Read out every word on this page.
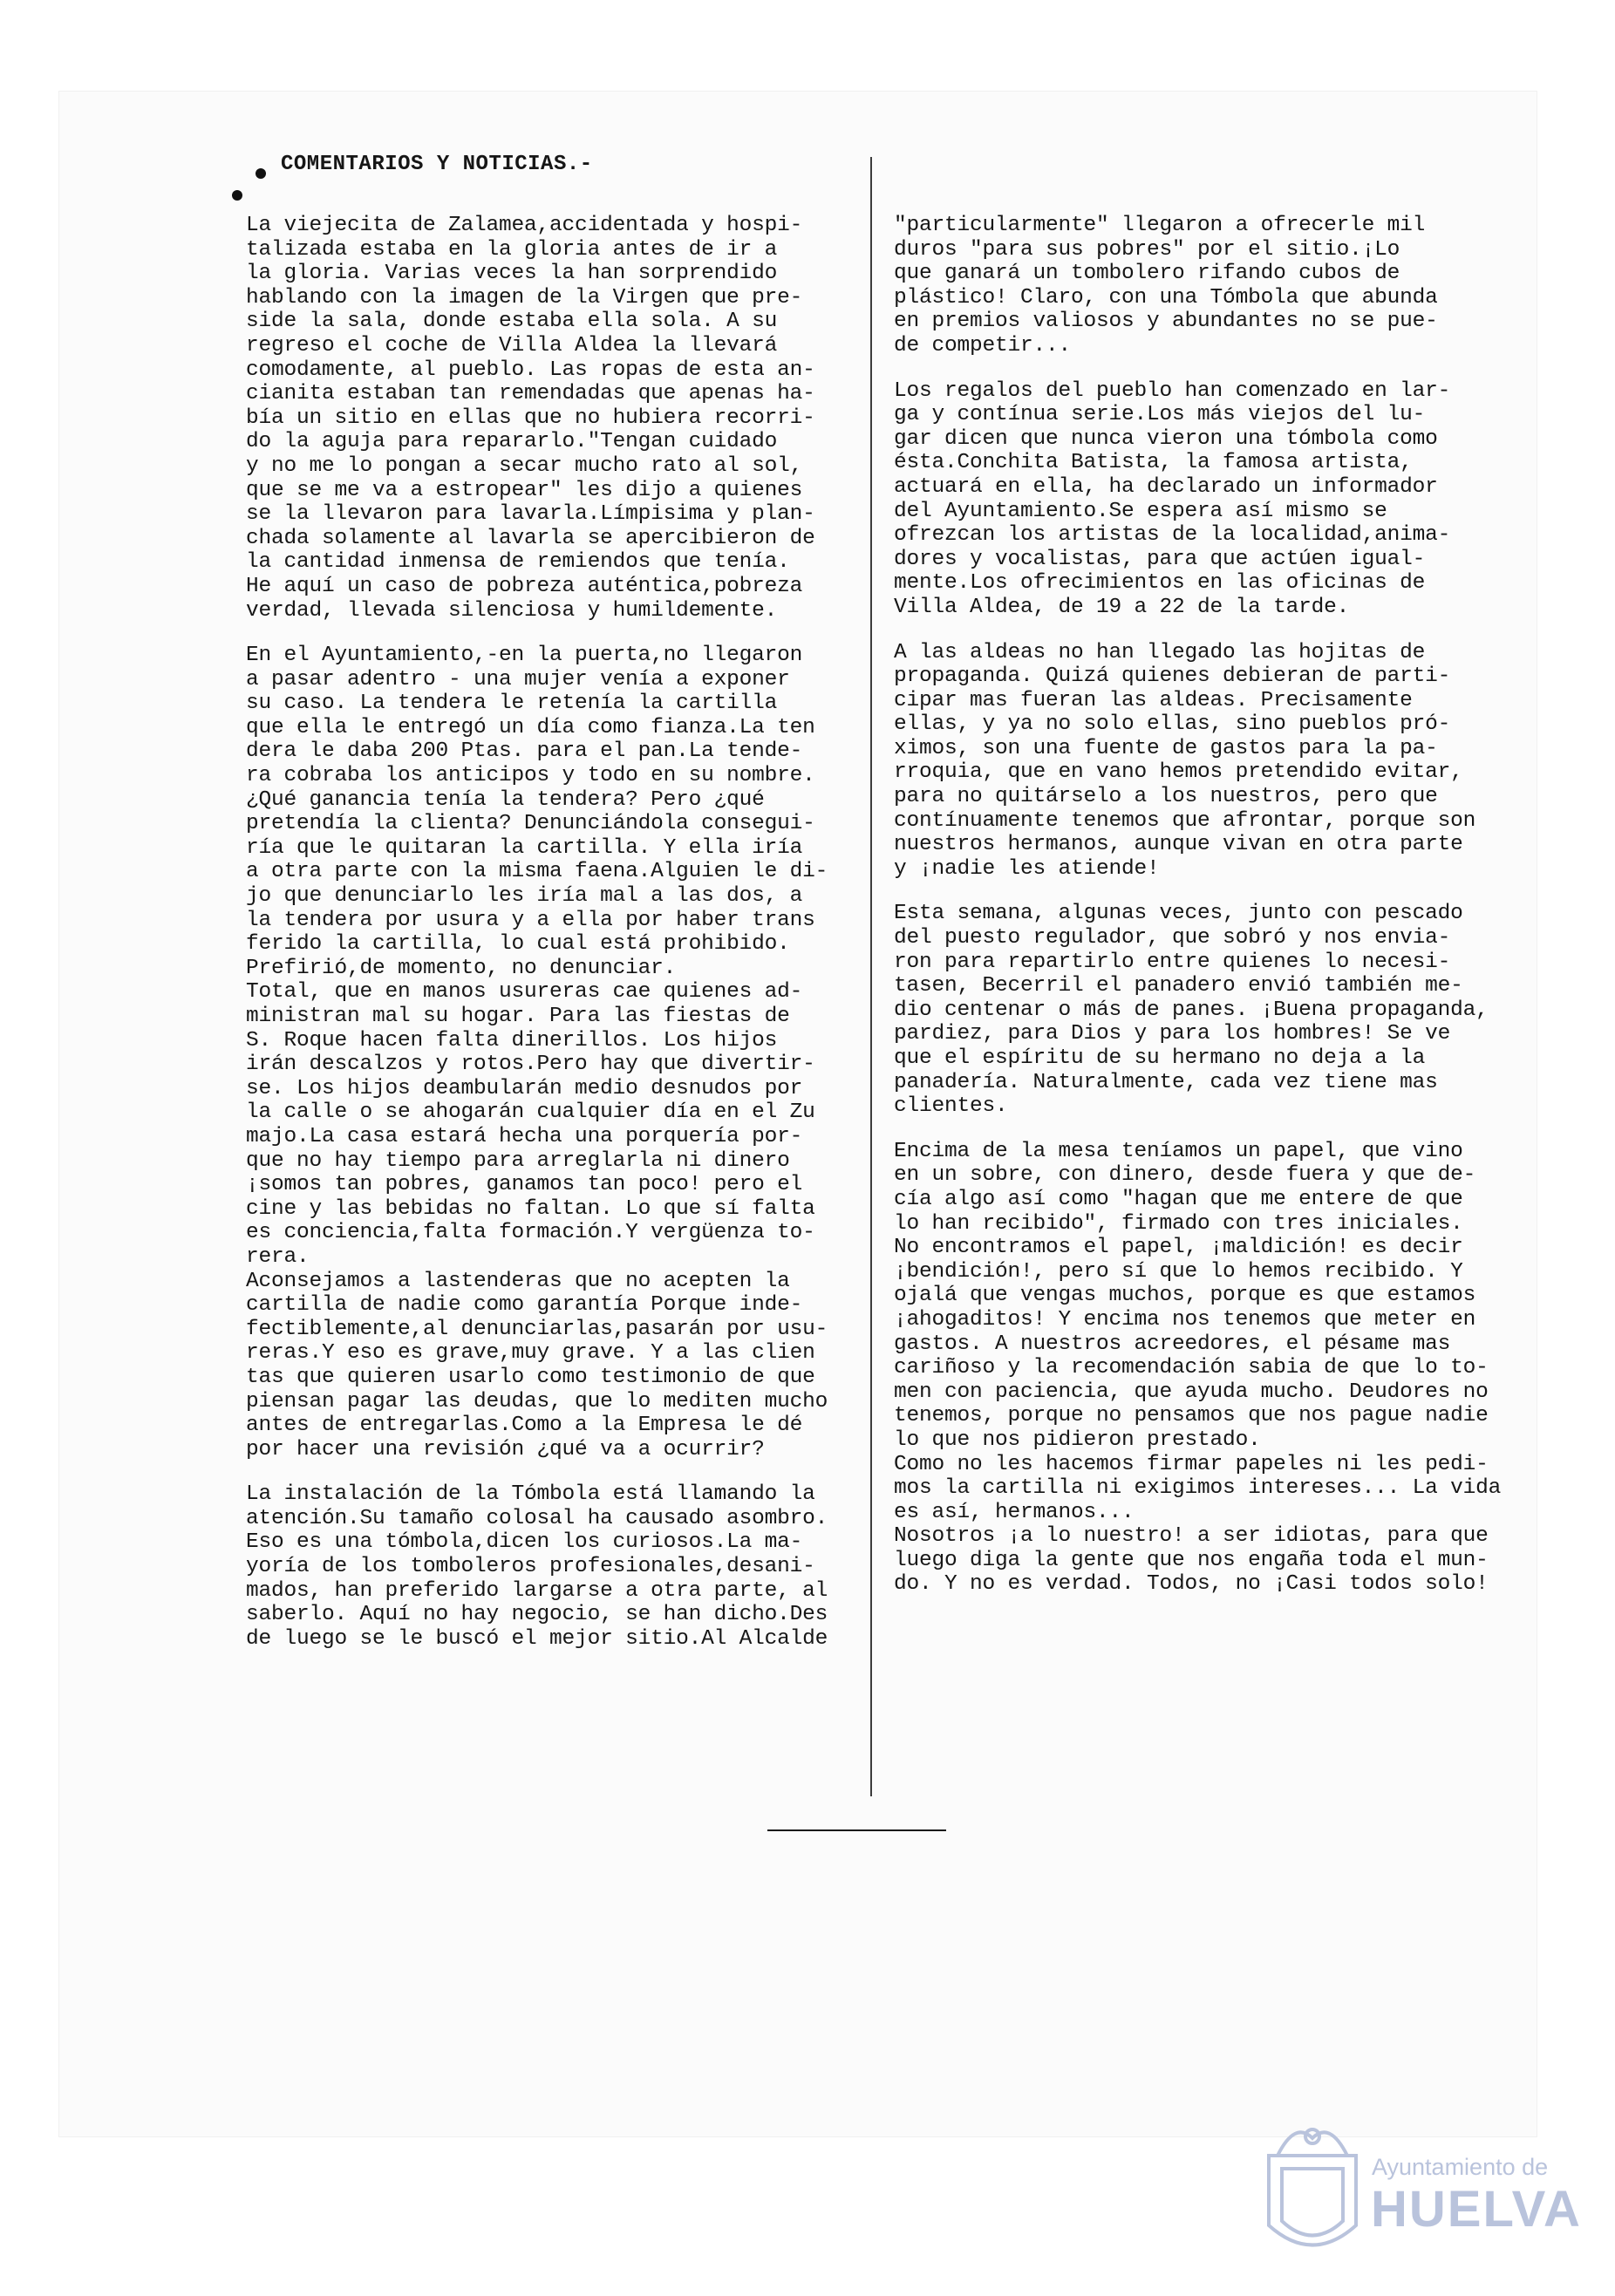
COMENTARIOS Y NOTICIAS.-
La viejecita de Zalamea,accidentada y hospi-
talizada estaba en la gloria antes de ir a
la gloria. Varias veces la han sorprendido
hablando con la imagen de la Virgen que pre-
side la sala, donde estaba ella sola. A su
regreso el coche de Villa Aldea la llevará
comodamente, al pueblo. Las ropas de esta an-
cianita estaban tan remendadas que apenas ha-
bía un sitio en ellas que no hubiera recorri-
do la aguja para repararlo."Tengan cuidado
y no me lo pongan a secar mucho rato al sol,
que se me va a estropear" les dijo a quienes
se la llevaron para lavarla.Límpisima y plan-
chada solamente al lavarla se apercibieron de
la cantidad inmensa de remiendos que tenía.
He aquí un caso de pobreza auténtica,pobreza
verdad, llevada silenciosa y humildemente.
En el Ayuntamiento,-en la puerta,no llegaron
a pasar adentro - una mujer venía a exponer
su caso. La tendera le retenía la cartilla
que ella le entregó un día como fianza.La ten
dera le daba 200 Ptas. para el pan.La tende-
ra cobraba los anticipos y todo en su nombre.
¿Qué ganancia tenía la tendera? Pero ¿qué
pretendía la clienta? Denunciándola consegui-
ría que le quitaran la cartilla. Y ella iría
a otra parte con la misma faena.Alguien le di-
jo que denunciarlo les iría mal a las dos, a
la tendera por usura y a ella por haber trans
ferido la cartilla, lo cual está prohibido.
Prefirió,de momento, no denunciar.
Total, que en manos usureras cae quienes ad-
ministran mal su hogar. Para las fiestas de
S. Roque hacen falta dinerillos. Los hijos
irán descalzos y rotos.Pero hay que divertir-
se. Los hijos deambularán medio desnudos por
la calle o se ahogarán cualquier día en el Zu
majo.La casa estará hecha una porquería por-
que no hay tiempo para arreglarla ni dinero
¡somos tan pobres, ganamos tan poco! pero el
cine y las bebidas no faltan. Lo que sí falta
es conciencia,falta formación.Y vergüenza to-
rera.
Aconsejamos a lastenderas que no acepten la
cartilla de nadie como garantía Porque inde-
fectiblemente,al denunciarlas,pasarán por usu-
reras.Y eso es grave,muy grave. Y a las clien
tas que quieren usarlo como testimonio de que
piensan pagar las deudas, que lo mediten mucho
antes de entregarlas.Como a la Empresa le dé
por hacer una revisión ¿qué va a ocurrir?
La instalación de la Tómbola está llamando la
atención.Su tamaño colosal ha causado asombro.
Eso es una tómbola,dicen los curiosos.La ma-
yoría de los tomboleros profesionales,desani-
mados, han preferido largarse a otra parte, al
saberlo. Aquí no hay negocio, se han dicho.Des
de luego se le buscó el mejor sitio.Al Alcalde
"particularmente" llegaron a ofrecerle mil
duros "para sus pobres" por el sitio.¡Lo
que ganará un tombolero rifando cubos de
plástico! Claro, con una Tómbola que abunda
en premios valiosos y abundantes no se pue-
de competir...
Los regalos del pueblo han comenzado en lar-
ga y contínua serie.Los más viejos del lu-
gar dicen que nunca vieron una tómbola como
ésta.Conchita Batista, la famosa artista,
actuará en ella, ha declarado un informador
del Ayuntamiento.Se espera así mismo se
ofrezcan los artistas de la localidad,anima-
dores y vocalistas, para que actúen igual-
mente.Los ofrecimientos en las oficinas de
Villa Aldea, de 19 a 22 de la tarde.
A las aldeas no han llegado las hojitas de
propaganda. Quizá quienes debieran de parti-
cipar mas fueran las aldeas. Precisamente
ellas, y ya no solo ellas, sino pueblos pró-
ximos, son una fuente de gastos para la pa-
rroquia, que en vano hemos pretendido evitar,
para no quitárselo a los nuestros, pero que
contínuamente tenemos que afrontar, porque son
nuestros hermanos, aunque vivan en otra parte
y ¡nadie les atiende!
Esta semana, algunas veces, junto con pescado
del puesto regulador, que sobró y nos envia-
ron para repartirlo entre quienes lo necesi-
tasen, Becerril el panadero envió también me-
dio centenar o más de panes. ¡Buena propaganda,
pardiez, para Dios y para los hombres! Se ve
que el espíritu de su hermano no deja a la
panadería. Naturalmente, cada vez tiene mas
clientes.
Encima de la mesa teníamos un papel, que vino
en un sobre, con dinero, desde fuera y que de-
cía algo así como "hagan que me entere de que
lo han recibido", firmado con tres iniciales.
No encontramos el papel, ¡maldición! es decir
¡bendición!, pero sí que lo hemos recibido. Y
ojalá que vengas muchos, porque es que estamos
¡ahogaditos! Y encima nos tenemos que meter en
gastos. A nuestros acreedores, el pésame mas
cariñoso y la recomendación sabia de que lo to-
men con paciencia, que ayuda mucho. Deudores no
tenemos, porque no pensamos que nos pague nadie
lo que nos pidieron prestado.
Como no les hacemos firmar papeles ni les pedi-
mos la cartilla ni exigimos intereses... La vida
es así, hermanos...
Nosotros ¡a lo nuestro! a ser idiotas, para que
luego diga la gente que nos engaña toda el mun-
do. Y no es verdad. Todos, no ¡Casi todos solo!
Ayuntamiento de
HUELVA
